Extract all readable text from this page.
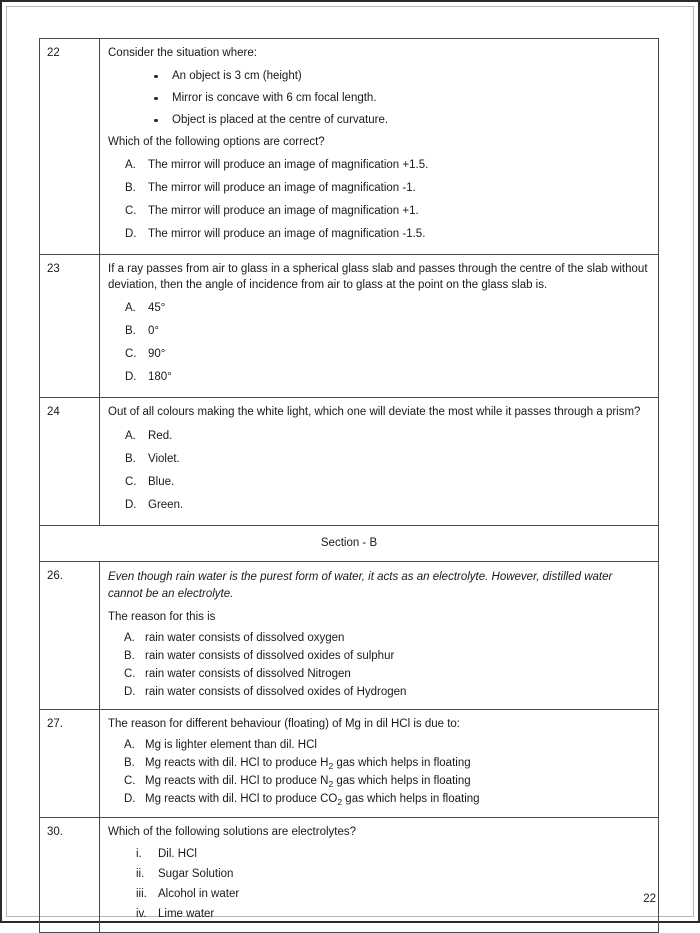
22	Consider the situation where:
An object is 3 cm (height)
Mirror is concave with 6 cm focal length.
Object is placed at the centre of curvature.
Which of the following options are correct?
A.	The mirror will produce an image of magnification +1.5.
B.	The mirror will produce an image of magnification -1.
C.	The mirror will produce an image of magnification +1.
D.	The mirror will produce an image of magnification -1.5.

23	If a ray passes from air to glass in a spherical glass slab and passes through the centre of the slab without deviation, then the angle of incidence from air to glass at the point on the glass slab is.
A.	45°
B.	0°
C.	90°
D.	180°

24	Out of all colours making the white light, which one will deviate the most while it passes through a prism?
A.	Red.
B.	Violet.
C.	Blue.
D.	Green.

Section - B	
26.	Even though rain water is the purest form of water, it acts as an electrolyte. However, distilled water cannot be an electrolyte.
The reason for this is
A. rain water consists of dissolved oxygen
B. rain water consists of dissolved oxides of sulphur
C. rain water consists of dissolved Nitrogen
D. rain water consists of dissolved oxides of Hydrogen

27.	The reason for different behaviour (floating) of Mg in dil HCl is due to:
A. Mg is lighter element than dil. HCl
B. Mg reacts with dil. HCl to produce $H_2$ gas which helps in floating
C. Mg reacts with dil. HCl to produce $N_2$ gas which helps in floating
D. Mg reacts with dil. HCl to produce $CO_2$ gas which helps in floating

30.	Which of the following solutions are electrolytes?
i.	Dil. HCl
ii.	Sugar Solution
iii. Alcohol in water
iv. Lime water
22
